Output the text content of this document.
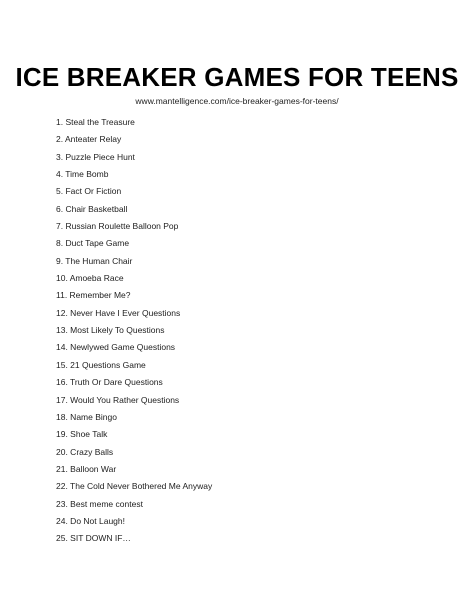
ICE BREAKER GAMES FOR TEENS
www.mantelligence.com/ice-breaker-games-for-teens/
1. Steal the Treasure
2. Anteater Relay
3. Puzzle Piece Hunt
4. Time Bomb
5. Fact Or Fiction
6. Chair Basketball
7. Russian Roulette Balloon Pop
8. Duct Tape Game
9. The Human Chair
10. Amoeba Race
11. Remember Me?
12. Never Have I Ever Questions
13. Most Likely To Questions
14. Newlywed Game Questions
15. 21 Questions Game
16. Truth Or Dare Questions
17. Would You Rather Questions
18. Name Bingo
19. Shoe Talk
20. Crazy Balls
21. Balloon War
22. The Cold Never Bothered Me Anyway
23. Best meme contest
24. Do Not Laugh!
25. SIT DOWN IF…
